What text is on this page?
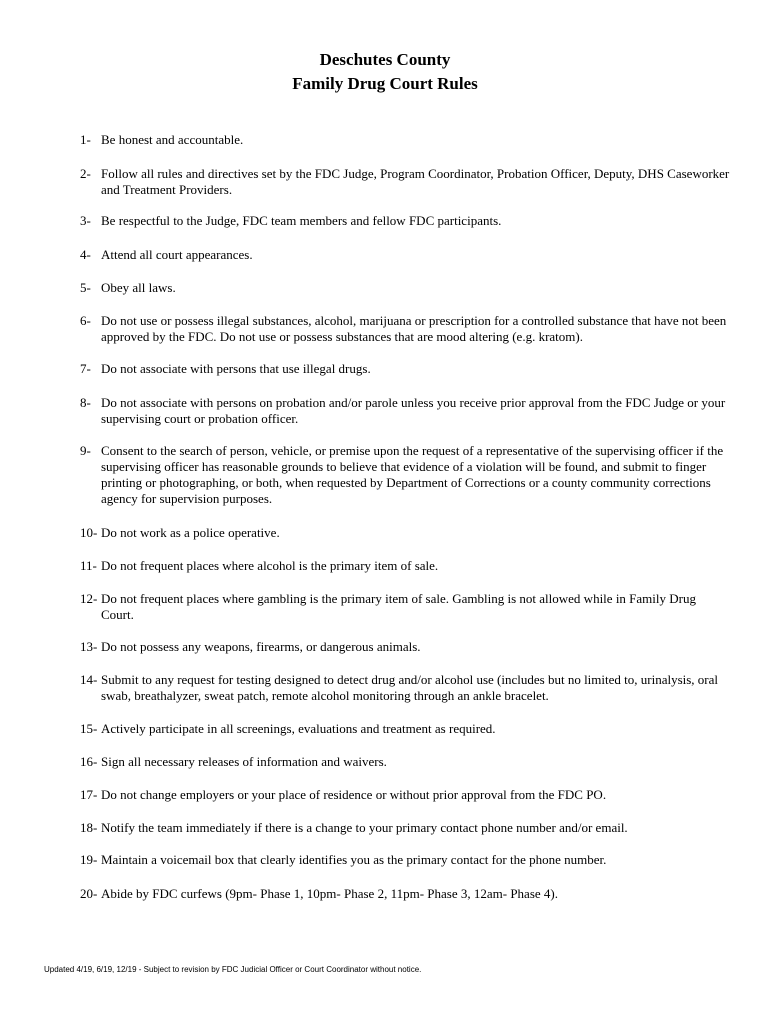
Deschutes County
Family Drug Court Rules
1- Be honest and accountable.
2- Follow all rules and directives set by the FDC Judge, Program Coordinator, Probation Officer, Deputy, DHS Caseworker and Treatment Providers.
3- Be respectful to the Judge, FDC team members and fellow FDC participants.
4- Attend all court appearances.
5- Obey all laws.
6- Do not use or possess illegal substances, alcohol, marijuana or prescription for a controlled substance that have not been approved by the FDC. Do not use or possess substances that are mood altering (e.g. kratom).
7- Do not associate with persons that use illegal drugs.
8- Do not associate with persons on probation and/or parole unless you receive prior approval from the FDC Judge or your supervising court or probation officer.
9- Consent to the search of person, vehicle, or premise upon the request of a representative of the supervising officer if the supervising officer has reasonable grounds to believe that evidence of a violation will be found, and submit to finger printing or photographing, or both, when requested by Department of Corrections or a county community corrections agency for supervision purposes.
10- Do not work as a police operative.
11- Do not frequent places where alcohol is the primary item of sale.
12- Do not frequent places where gambling is the primary item of sale. Gambling is not allowed while in Family Drug Court.
13- Do not possess any weapons, firearms, or dangerous animals.
14- Submit to any request for testing designed to detect drug and/or alcohol use (includes but no limited to, urinalysis, oral swab, breathalyzer, sweat patch, remote alcohol monitoring through an ankle bracelet.
15- Actively participate in all screenings, evaluations and treatment as required.
16- Sign all necessary releases of information and waivers.
17- Do not change employers or your place of residence or without prior approval from the FDC PO.
18- Notify the team immediately if there is a change to your primary contact phone number and/or email.
19- Maintain a voicemail box that clearly identifies you as the primary contact for the phone number.
20- Abide by FDC curfews (9pm- Phase 1, 10pm- Phase 2, 11pm- Phase 3, 12am- Phase 4).
Updated 4/19, 6/19, 12/19 - Subject to revision by FDC Judicial Officer or Court Coordinator without notice.
